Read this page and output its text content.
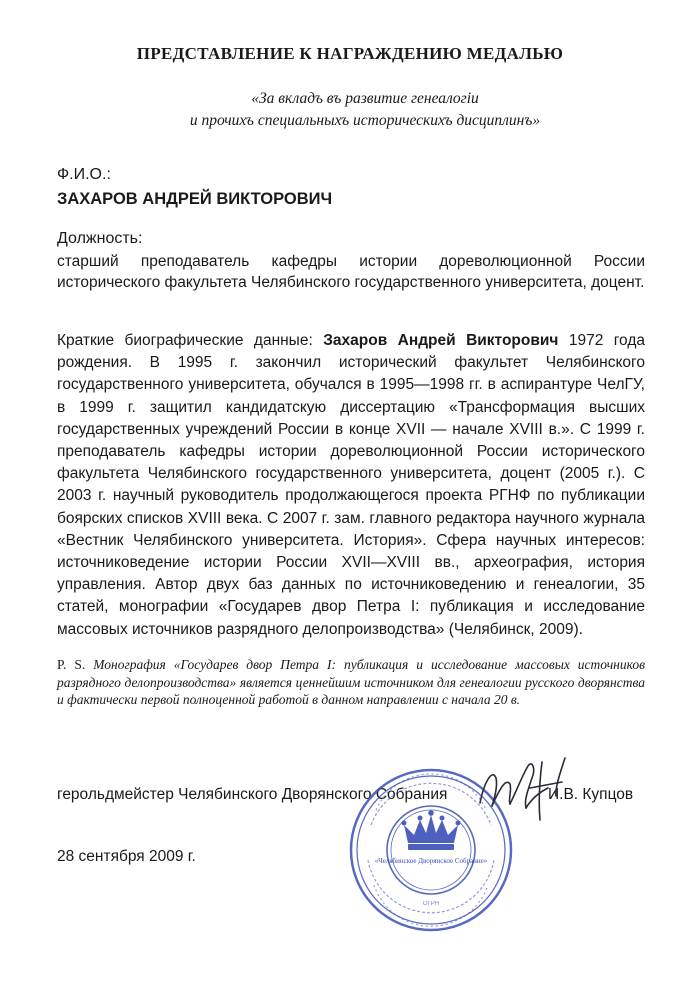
ПРЕДСТАВЛЕНИЕ К НАГРАЖДЕНИЮ МЕДАЛЬЮ
«За вкладъ въ развитие генеалогiи
и прочихъ специальныхъ историческихъ дисциплинъ»
Ф.И.О.:
ЗАХАРОВ АНДРЕЙ ВИКТОРОВИЧ
Должность:
старший преподаватель кафедры истории дореволюционной России исторического факультета Челябинского государственного университета, доцент.
Краткие биографические данные: Захаров Андрей Викторович 1972 года рождения. В 1995 г. закончил исторический факультет Челябинского государственного университета, обучался в 1995—1998 гг. в аспирантуре ЧелГУ, в 1999 г. защитил кандидатскую диссертацию «Трансформация высших государственных учреждений России в конце XVII — начале XVIII в.». С 1999 г. преподаватель кафедры истории дореволюционной России исторического факультета Челябинского государственного университета, доцент (2005 г.). С 2003 г. научный руководитель продолжающегося проекта РГНФ по публикации боярских списков XVIII века. С 2007 г. зам. главного редактора научного журнала «Вестник Челябинского университета. История». Сфера научных интересов: источниковедение истории России XVII—XVIII вв., археография, история управления. Автор двух баз данных по источниковедению и генеалогии, 35 статей, монографии «Государев двор Петра I: публикация и исследование массовых источников разрядного делопроизводства» (Челябинск, 2009).
P. S. Монография «Государев двор Петра I: публикация и исследование массовых источников разрядного делопроизводства» является ценнейшим источником для генеалогии русского дворянства и фактически первой полноценной работой в данном направлении с начала 20 в.
герольдмейстер Челябинского Дворянского Собрания	И.В. Купцов
28 сентября 2009 г.	«Челябинское Дворянское Собрание»
ОГРН
